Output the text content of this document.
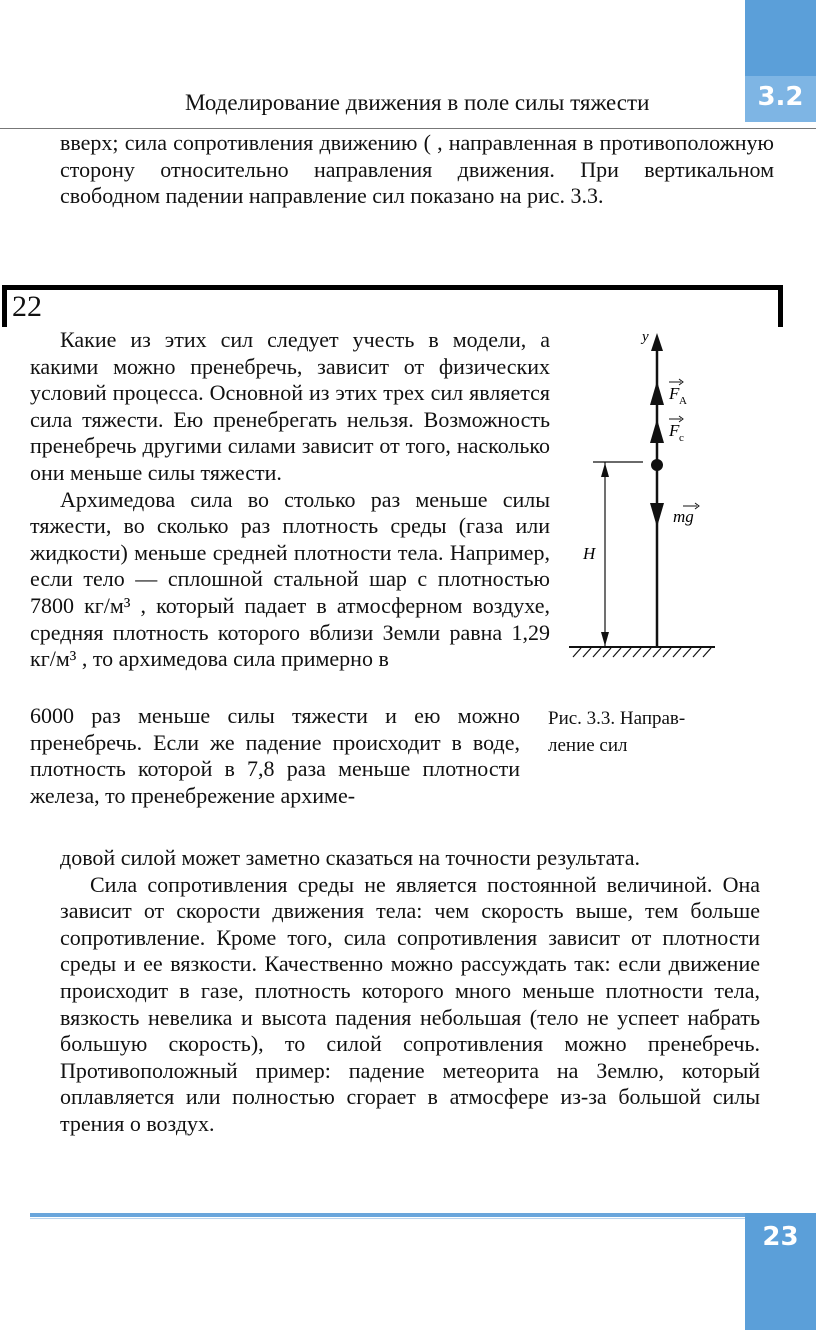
3.2
Моделирование движения в поле силы тяжести

вверх; сила сопротивления движению ( , направленная в противоположную сторону относительно направления движения. При вертикальном свободном падении направление сил показано на рис. 3.3.

22

Какие из этих сил следует учесть в модели, а какими можно пренебречь, зависит от физических условий процесса. Основной из этих трех сил является сила тяжести. Ею пренебрегать нельзя. Возможность пренебречь другими силами зависит от того, насколько они меньше силы тяжести.

Архимедова сила во столько раз меньше силы тяжести, во сколько раз плотность среды (газа или жидкости) меньше средней плотности тела. Например, если тело — сплошной стальной шар с плотностью 7800 кг/м³ , который падает в атмосферном воздухе, средняя плотность которого вблизи Земли равна 1,29 кг/м³ , то архимедова сила примерно в

6000 раз меньше силы тяжести и ею можно пренебречь. Если же падение происходит в воде, плотность которой в 7,8 раза меньше плотности железа, то пренебрежение архиме-

y
F A
F c
mg
H
Рис. 3.3. Направление сил

довой силой может заметно сказаться на точности результата.

Сила сопротивления среды не является постоянной величиной. Она зависит от скорости движения тела: чем скорость выше, тем больше сопротивление. Кроме того, сила сопротивления зависит от плотности среды и ее вязкости. Качественно можно рассуждать так: если движение происходит в газе, плотность которого много меньше плотности тела, вязкость невелика и высота падения небольшая (тело не успеет набрать большую скорость), то силой сопротивления можно пренебречь. Противоположный пример: падение метеорита на Землю, который оплавляется или полностью сгорает в атмосфере из-за большой силы трения о воздух.

23
